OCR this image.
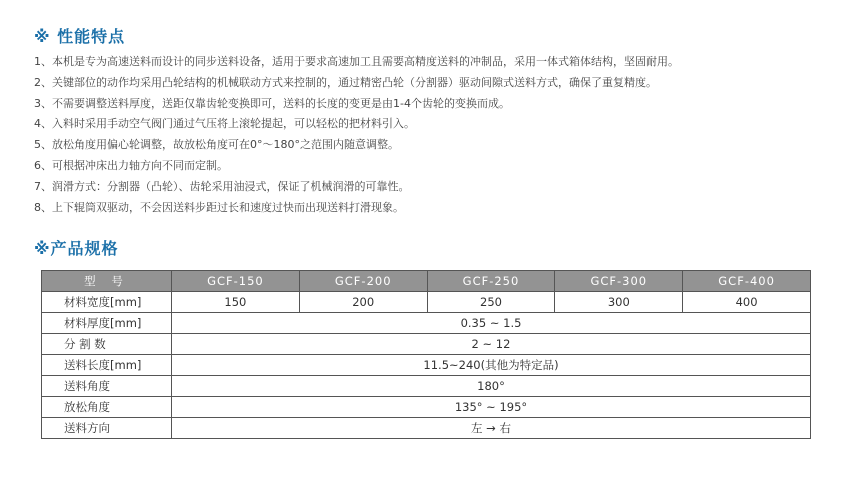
※ 性能特点
1、本机是专为高速送料而设计的同步送料设备，适用于要求高速加工且需要高精度送料的冲制品，采用一体式箱体结构，坚固耐用。
2、关键部位的动作均采用凸轮结构的机械联动方式来控制的，通过精密凸轮（分割器）驱动间隙式送料方式，确保了重复精度。
3、不需要调整送料厚度，送距仅靠齿轮变换即可，送料的长度的变更是由1-4个齿轮的变换而成。
4、入料时采用手动空气阀门通过气压将上滚轮提起，可以轻松的把材料引入。
5、放松角度用偏心轮调整，故放松角度可在0°～180°之范围内随意调整。
6、可根据冲床出力轴方向不同而定制。
7、润滑方式：分割器（凸轮）、齿轮采用油浸式，保证了机械润滑的可靠性。
8、上下辊筒双驱动，不会因送料步距过长和速度过快而出现送料打滑现象。
※产品规格
型 号	GCF-150	GCF-200	GCF-250	GCF-300	GCF-400
材料宽度[mm]	150	200	250	300	400
材料厚度[mm]	0.35 ~ 1.5				
分 割 数	2 ~ 12				
送料长度[mm]	11.5~240(其他为特定品)				
送料角度	180°				
放松角度	135° ~ 195°				
送料方向	左 → 右				
